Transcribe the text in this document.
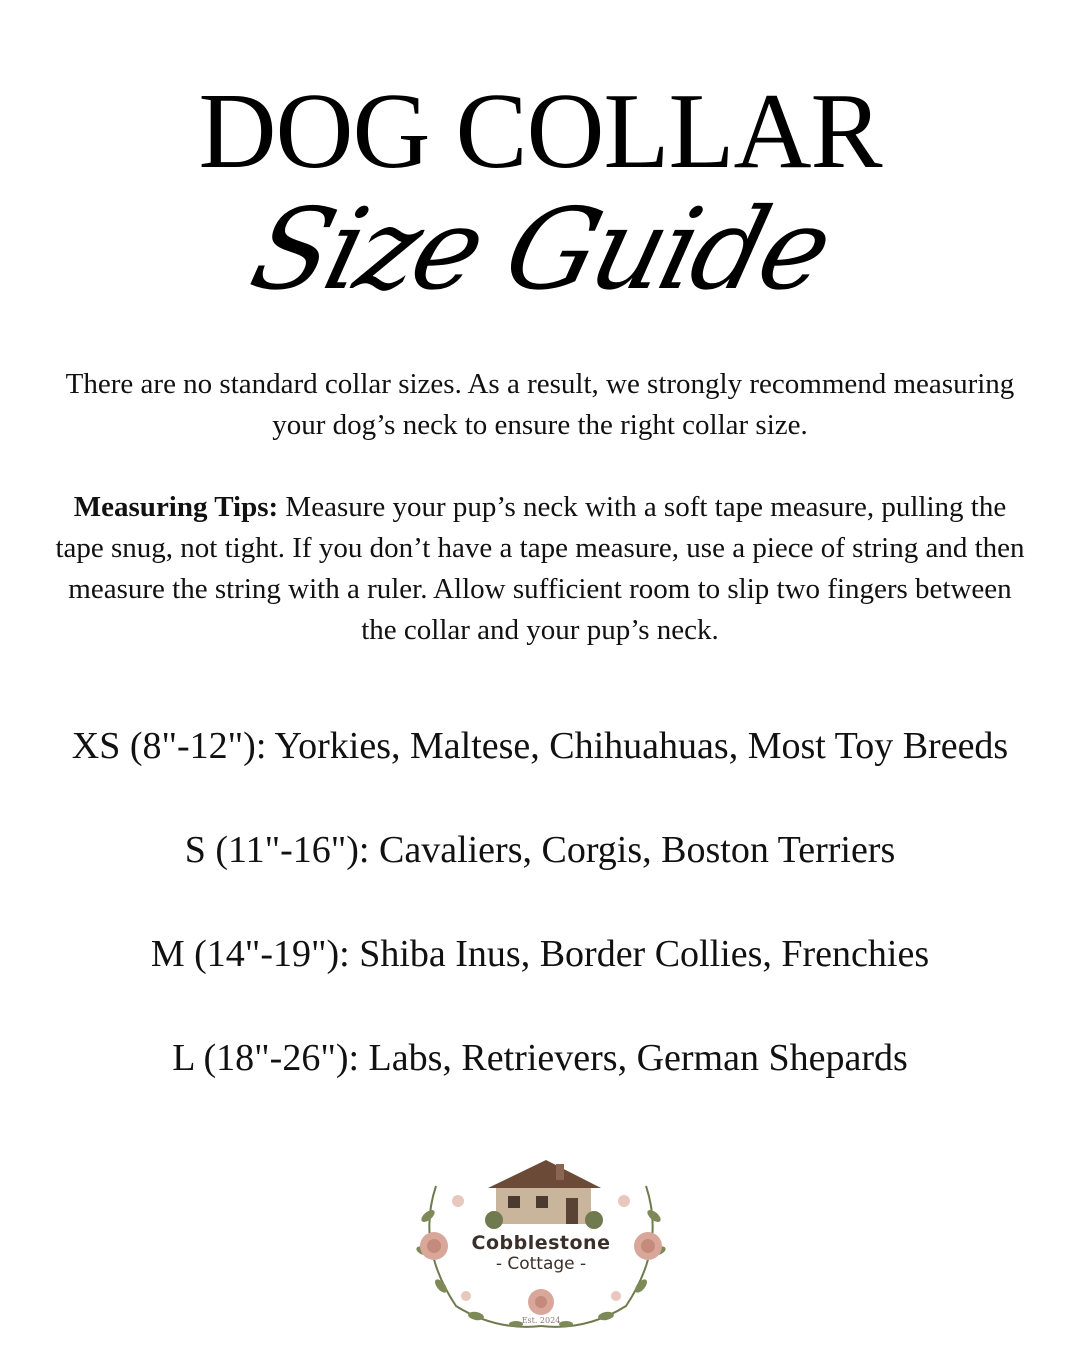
DOG COLLAR
Size Guide

There are no standard collar sizes. As a result, we strongly recommend measuring your dog’s neck to ensure the right collar size.

Measuring Tips: Measure your pup’s neck with a soft tape measure, pulling the tape snug, not tight. If you don’t have a tape measure, use a piece of string and then measure the string with a ruler. Allow sufficient room to slip two fingers between the collar and your pup’s neck.

XS (8"-12"): Yorkies, Maltese, Chihuahuas, Most Toy Breeds
S (11"-16"): Cavaliers, Corgis, Boston Terriers
M (14"-19"): Shiba Inus, Border Collies, Frenchies
L (18"-26"): Labs, Retrievers, German Shepards
Cobblestone
- Cottage -
Est. 2024
